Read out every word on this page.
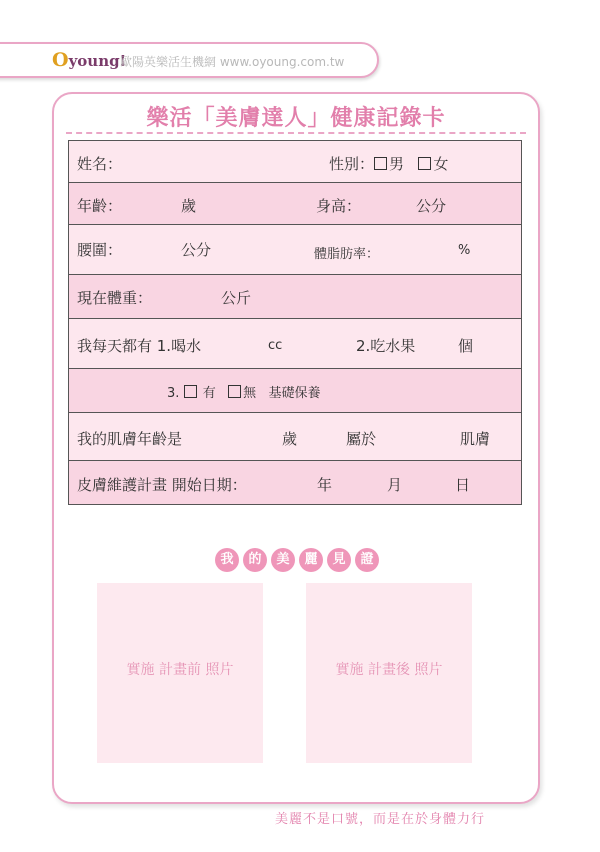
Oyoung!
歐陽英樂活生機網 www.oyoung.com.tw
樂活「美膚達人」健康記錄卡
姓名：	性別： 男 女
年齡：	歲	身高：	公分
腰圍：	公分	體脂肪率：	%
現在體重：	公斤
我每天都有 1.喝水	cc	2.吃水果	個
3. 有 無 基礎保養
我的肌膚年齡是	歲	屬於	肌膚
皮膚維護計畫 開始日期：	年	月	日
我 的 美 麗 見 證
實施 計畫前 照片	實施 計畫後 照片
美麗不是口號，而是在於身體力行
